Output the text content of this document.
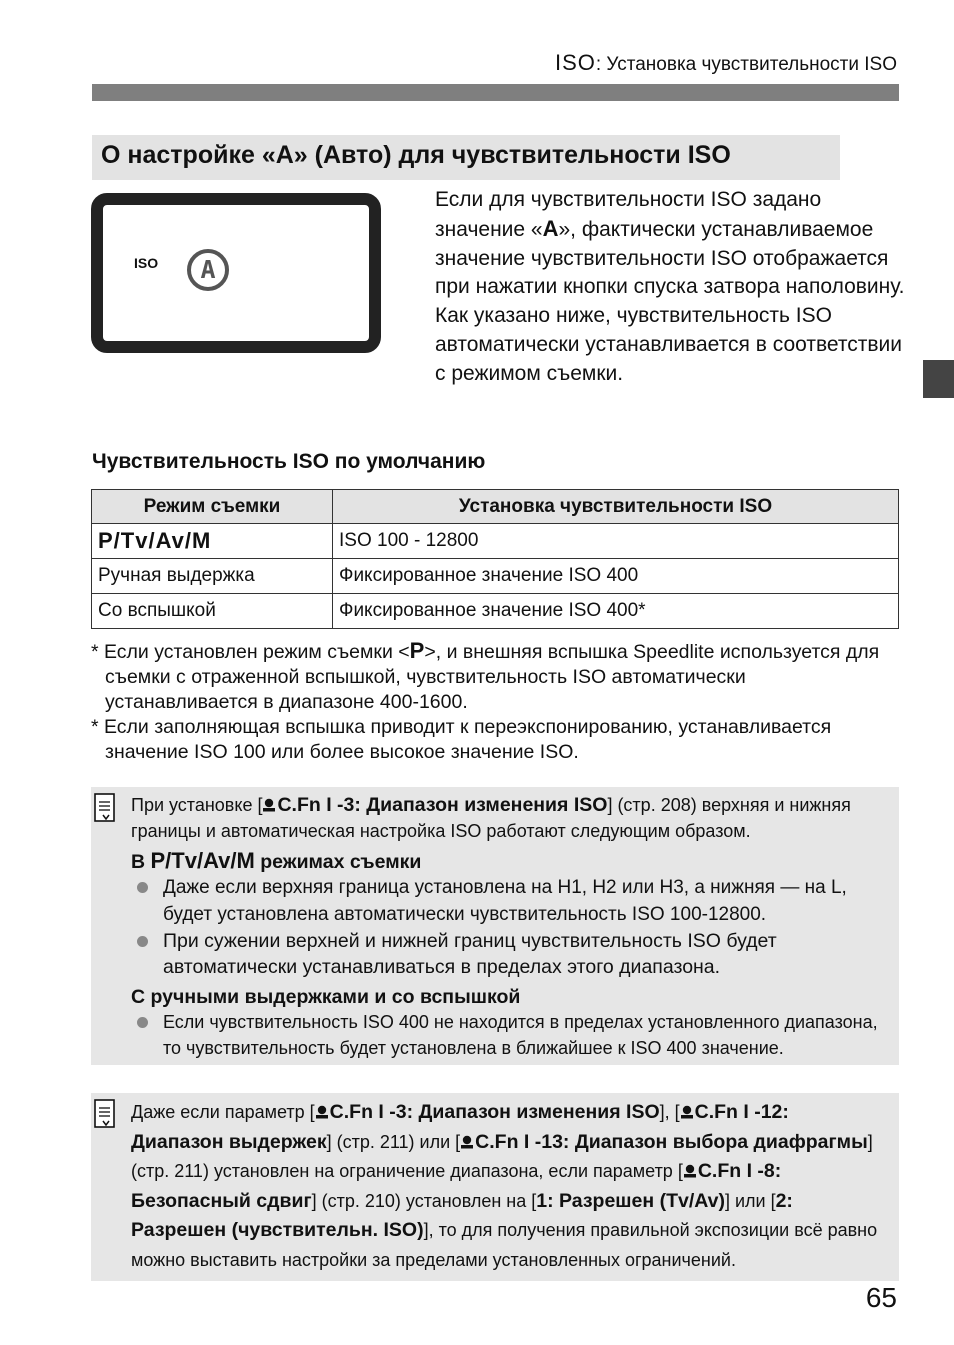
ISO: Установка чувствительности ISO
О настройке «A» (Авто) для чувствительности ISO
ISO	A
Если для чувствительности ISO задано значение «A», фактически устанавливаемое значение чувствительности ISO отображается при нажатии кнопки спуска затвора наполовину. Как указано ниже, чувствительность ISO автоматически устанавливается в соответствии с режимом съемки.
Чувствительность ISO по умолчанию
Режим съемки	Установка чувствительности ISO
P/Tv/Av/M	ISO 100 - 12800
Ручная выдержка	Фиксированное значение ISO 400
Со вспышкой	Фиксированное значение ISO 400*
* Если установлен режим съемки <P>, и внешняя вспышка Speedlite используется для съемки с отраженной вспышкой, чувствительность ISO автоматически устанавливается в диапазоне 400-1600.
* Если заполняющая вспышка приводит к переэкспонированию, устанавливается значение ISO 100 или более высокое значение ISO.
При установке [ C.Fn I -3: Диапазон изменения ISO] (стр. 208) верхняя и нижняя границы и автоматическая настройка ISO работают следующим образом.
В P/Tv/Av/M режимах съемки
Даже если верхняя граница установлена на H1, H2 или H3, а нижняя — на L, будет установлена автоматически чувствительность ISO 100-12800.
При сужении верхней и нижней границ чувствительность ISO будет автоматически устанавливаться в пределах этого диапазона.
С ручными выдержками и со вспышкой
Если чувствительность ISO 400 не находится в пределах установленного диапазона, то чувствительность будет установлена в ближайшее к ISO 400 значение.
Даже если параметр [ C.Fn I -3: Диапазон изменения ISO], [ C.Fn I -12: Диапазон выдержек] (стр. 211) или [ C.Fn I -13: Диапазон выбора диафрагмы] (стр. 211) установлен на ограничение диапазона, если параметр [ C.Fn I -8: Безопасный сдвиг] (стр. 210) установлен на [1: Разрешен (Tv/Av)] или [2: Разрешен (чувствительн. ISO)], то для получения правильной экспозиции всё равно можно выставить настройки за пределами установленных ограничений.
65
